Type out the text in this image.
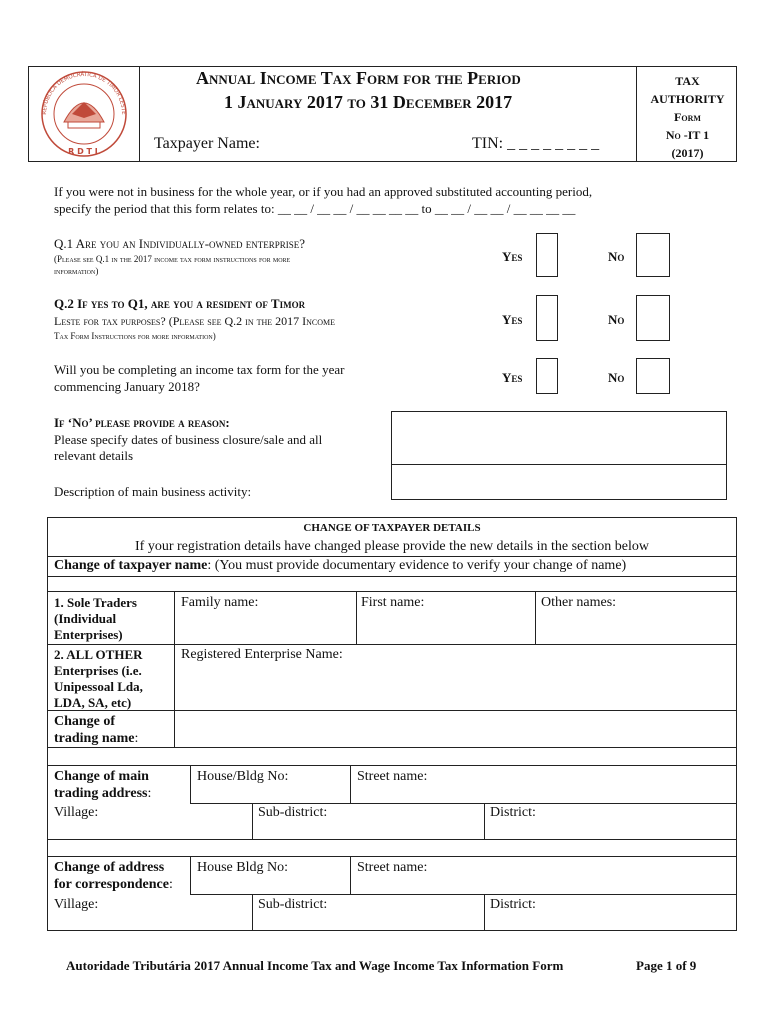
R D T L
REPÚBLICA DEMOCRÁTICA DE TIMOR LESTE
Annual Income Tax Form for the Period
1 January 2017 to 31 December 2017
Taxpayer Name:	TIN: _ _ _ _ _ _ _ _
TAX
AUTHORITY
Form
No -IT 1
(2017)
If you were not in business for the whole year, or if you had an approved substituted accounting period,
specify the period that this form relates to: __ __ / __ __ / __ __ __ __ to __ __ / __ __ / __ __ __ __
Q.1 Are you an Individually-owned enterprise?
(Please see Q.1 in the 2017 income tax form instructions for more
information)
Yes	No
Q.2 If yes to Q1, are you a resident of Timor
Leste for tax purposes? (Please see Q.2 in the 2017 Income
Tax Form Instructions for more information)
Yes	No
Will you be completing an income tax form for the year
commencing January 2018?
Yes	No
If ‘No’ please provide a reason:
Please specify dates of business closure/sale and all
relevant details
Description of main business activity:
CHANGE OF TAXPAYER DETAILS
If your registration details have changed please provide the new details in the section below
Change of taxpayer name: (You must provide documentary evidence to verify your change of name)
1. Sole Traders
(Individual
Enterprises)
Family name:	First name:	Other names:
2. ALL OTHER
Enterprises (i.e.
Unipessoal Lda,
LDA, SA, etc)
Registered Enterprise Name:
Change of
trading name:
Change of main
trading address:
House/Bldg No:	Street name:
Village:	Sub-district:	District:
Change of address
for correspondence:
House Bldg No:	Street name:
Village:	Sub-district:	District:
Autoridade Tributária 2017 Annual Income Tax and Wage Income Tax Information Form	Page 1 of 9
